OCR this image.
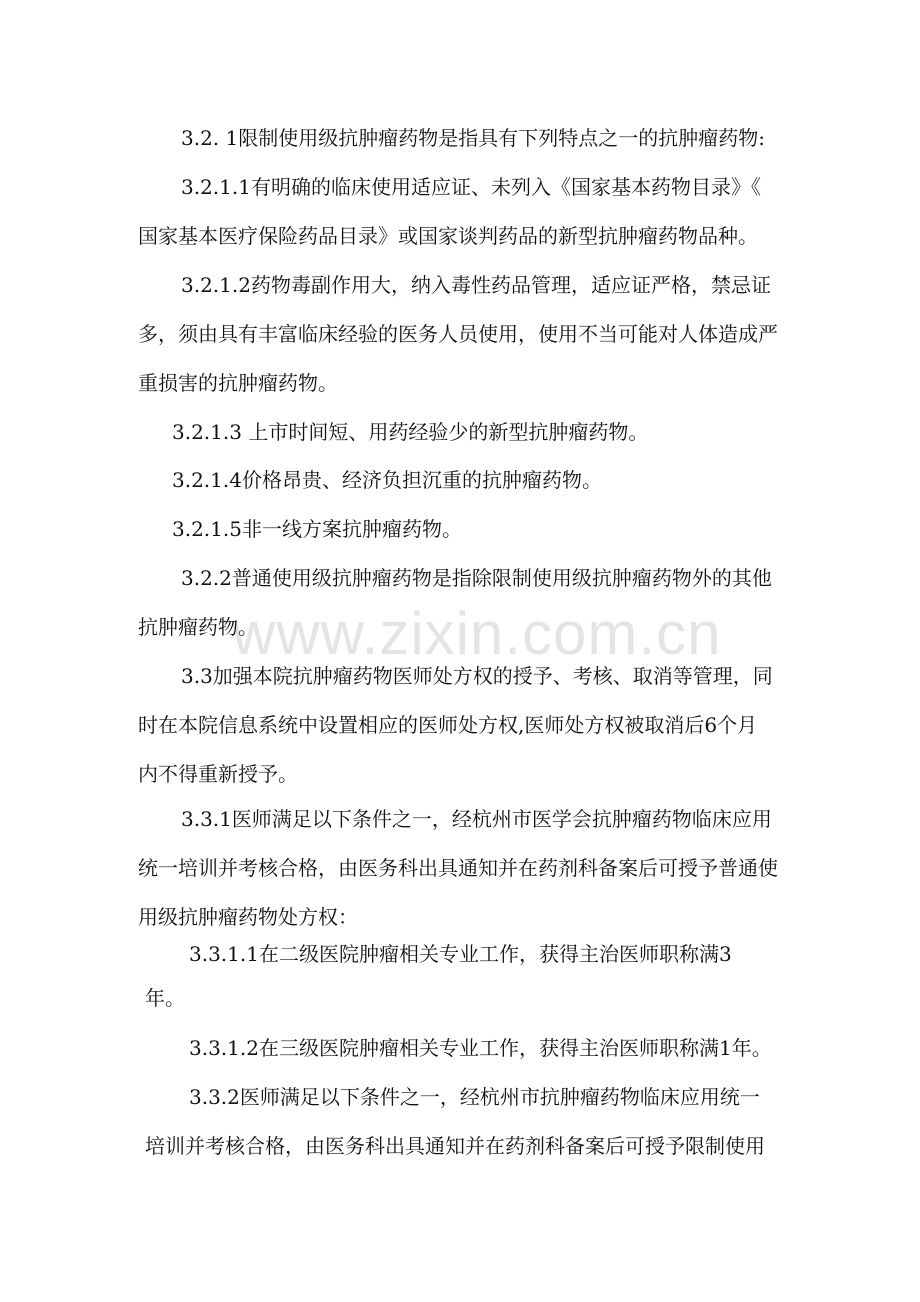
www.zixin.com.cn
3.2. 1限制使用级抗肿瘤药物是指具有下列特点之一的抗肿瘤药物:
3.2.1.1有明确的临床使用适应证、未列入《国家基本药物目录》《
国家基本医疗保险药品目录》或国家谈判药品的新型抗肿瘤药物品种。
3.2.1.2药物毒副作用大，纳入毒性药品管理，适应证严格，禁忌证
多，须由具有丰富临床经验的医务人员使用，使用不当可能对人体造成严
重损害的抗肿瘤药物。
3.2.1.3 上市时间短、用药经验少的新型抗肿瘤药物。
3.2.1.4价格昂贵、经济负担沉重的抗肿瘤药物。
3.2.1.5非一线方案抗肿瘤药物。
3.2.2普通使用级抗肿瘤药物是指除限制使用级抗肿瘤药物外的其他
抗肿瘤药物。
3.3加强本院抗肿瘤药物医师处方权的授予、考核、取消等管理，同
时在本院信息系统中设置相应的医师处方权,医师处方权被取消后6个月
内不得重新授予。
3.3.1医师满足以下条件之一，经杭州市医学会抗肿瘤药物临床应用
统一培训并考核合格，由医务科出具通知并在药剂科备案后可授予普通使
用级抗肿瘤药物处方权：
3.3.1.1在二级医院肿瘤相关专业工作，获得主治医师职称满3
年。
3.3.1.2在三级医院肿瘤相关专业工作，获得主治医师职称满1年。
3.3.2医师满足以下条件之一，经杭州市抗肿瘤药物临床应用统一
培训并考核合格，由医务科出具通知并在药剂科备案后可授予限制使用
